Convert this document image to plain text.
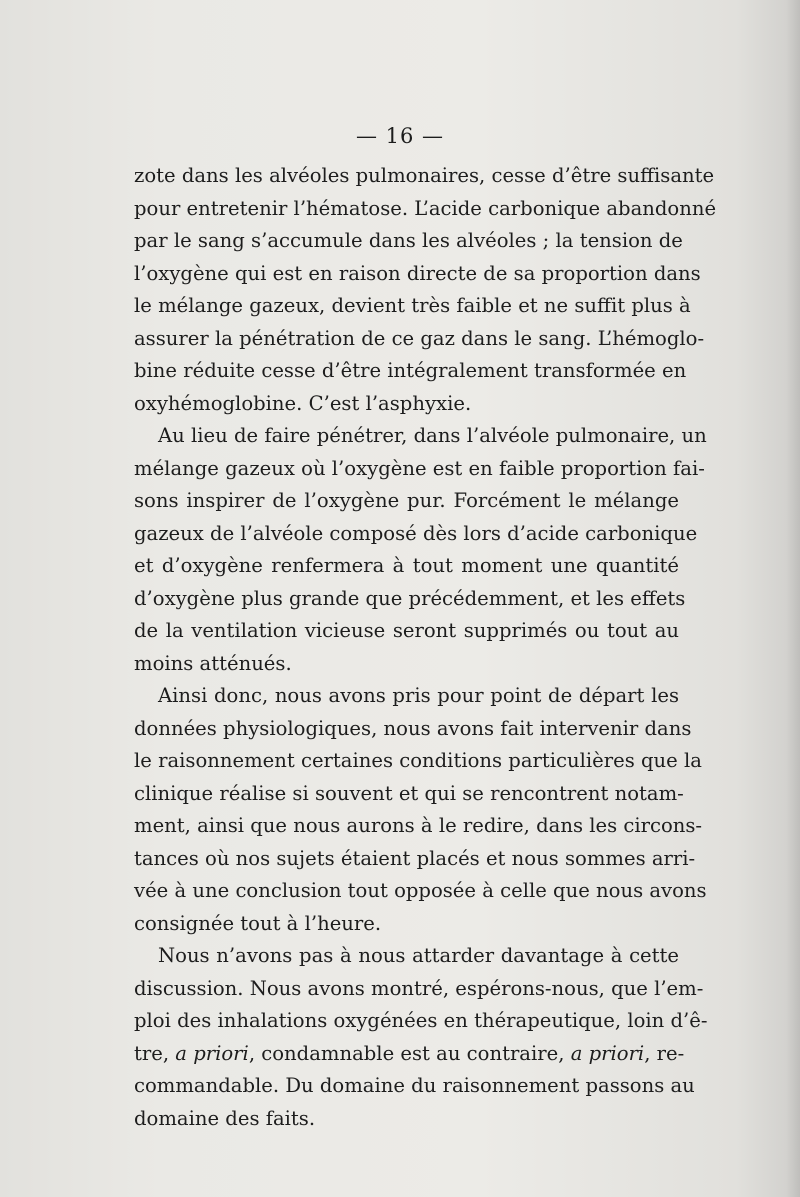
— 16 —
zote dans les alvéoles pulmonaires, cesse d’être suffisante
pour entretenir l’hématose. L’acide carbonique abandonné
par le sang s’accumule dans les alvéoles ; la tension de
l’oxygène qui est en raison directe de sa proportion dans
le mélange gazeux, devient très faible et ne suffit plus à
assurer la pénétration de ce gaz dans le sang. L’hémoglo-
bine réduite cesse d’être intégralement transformée en
oxyhémoglobine. C’est l’asphyxie.
Au lieu de faire pénétrer, dans l’alvéole pulmonaire, un
mélange gazeux où l’oxygène est en faible proportion fai-
sons inspirer de l’oxygène pur. Forcément le mélange
gazeux de l’alvéole composé dès lors d’acide carbonique
et d’oxygène renfermera à tout moment une quantité
d’oxygène plus grande que précédemment, et les effets
de la ventilation vicieuse seront supprimés ou tout au
moins atténués.
Ainsi donc, nous avons pris pour point de départ les
données physiologiques, nous avons fait intervenir dans
le raisonnement certaines conditions particulières que la
clinique réalise si souvent et qui se rencontrent notam-
ment, ainsi que nous aurons à le redire, dans les circons-
tances où nos sujets étaient placés et nous sommes arri-
vée à une conclusion tout opposée à celle que nous avons
consignée tout à l’heure.
Nous n’avons pas à nous attarder davantage à cette
discussion. Nous avons montré, espérons-nous, que l’em-
ploi des inhalations oxygénées en thérapeutique, loin d’ê-
tre, a priori, condamnable est au contraire, a priori, re-
commandable. Du domaine du raisonnement passons au
domaine des faits.
